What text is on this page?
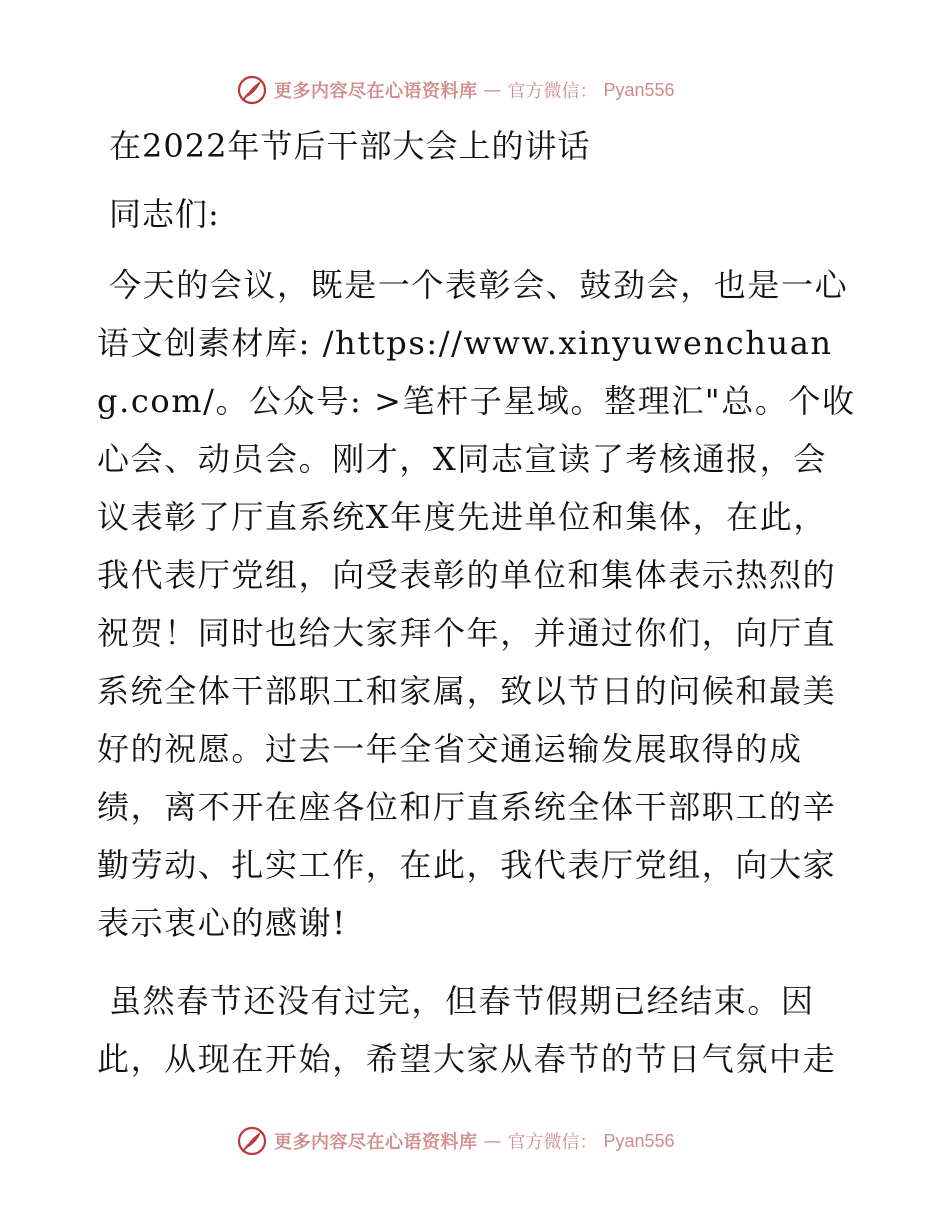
更多内容尽在心语资料库 — 官方微信： Pyan556
在2022年节后干部大会上的讲话

同志们:

今天的会议，既是一个表彰会、鼓劲会，也是一心语文创素材库: /https://www.xinyuwenchuang.com/。公众号: >笔杆子星域。整理汇"总。个收心会、动员会。刚才，X同志宣读了考核通报，会议表彰了厅直系统X年度先进单位和集体，在此，我代表厅党组，向受表彰的单位和集体表示热烈的祝贺！同时也给大家拜个年，并通过你们，向厅直系统全体干部职工和家属，致以节日的问候和最美好的祝愿。过去一年全省交通运输发展取得的成绩，离不开在座各位和厅直系统全体干部职工的辛勤劳动、扎实工作，在此，我代表厅党组，向大家表示衷心的感谢!

虽然春节还没有过完，但春节假期已经结束。因此，从现在开始，希望大家从春节的节日气氛中走

更多内容尽在心语资料库 — 官方微信： Pyan556
